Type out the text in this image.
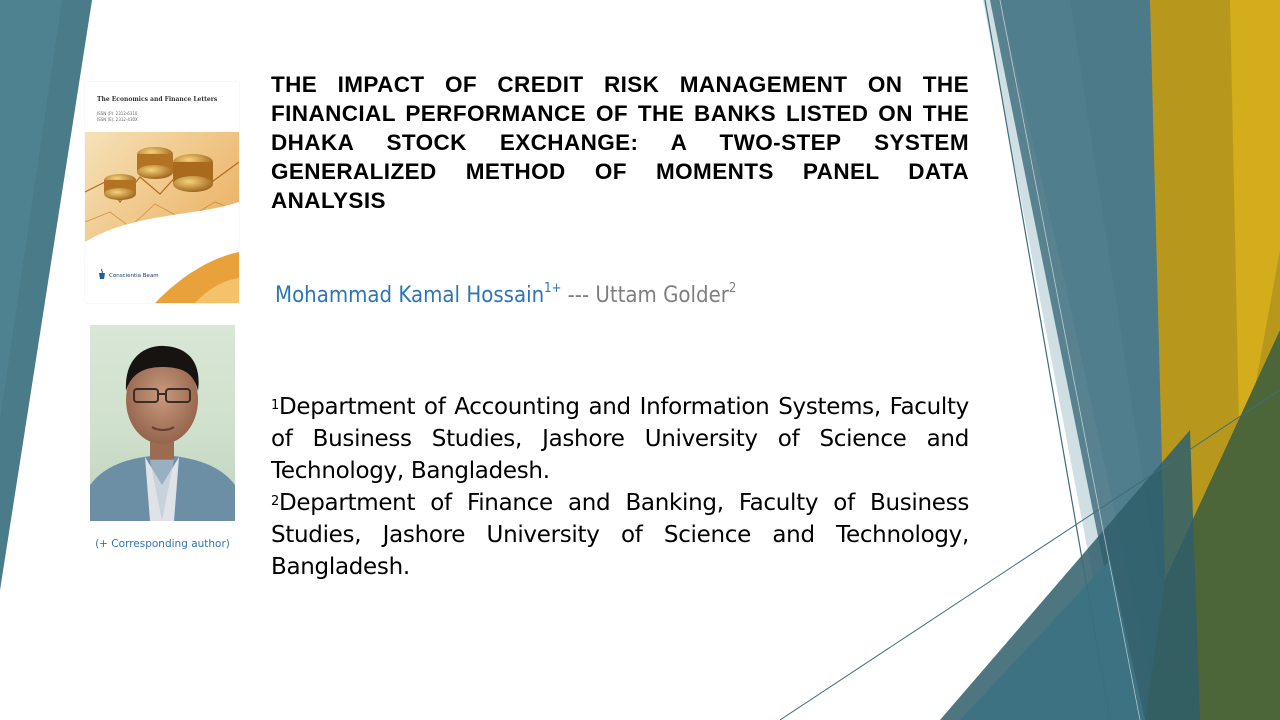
The Economics and Finance Letters
ISSN (P): 2312-6310
ISSN (E): 2312-430X
Conscientia Beam
THE IMPACT OF CREDIT RISK MANAGEMENT ON THE FINANCIAL PERFORMANCE OF THE BANKS LISTED ON THE DHAKA STOCK EXCHANGE: A TWO-STEP SYSTEM GENERALIZED METHOD OF MOMENTS PANEL DATA ANALYSIS
Mohammad Kamal Hossain$^{1+}$ --- Uttam Golder$^2$
(+ Corresponding author)

$^1$Department of Accounting and Information Systems, Faculty of Business Studies, Jashore University of Science and Technology, Bangladesh.

$^2$Department of Finance and Banking, Faculty of Business Studies, Jashore University of Science and Technology, Bangladesh.
